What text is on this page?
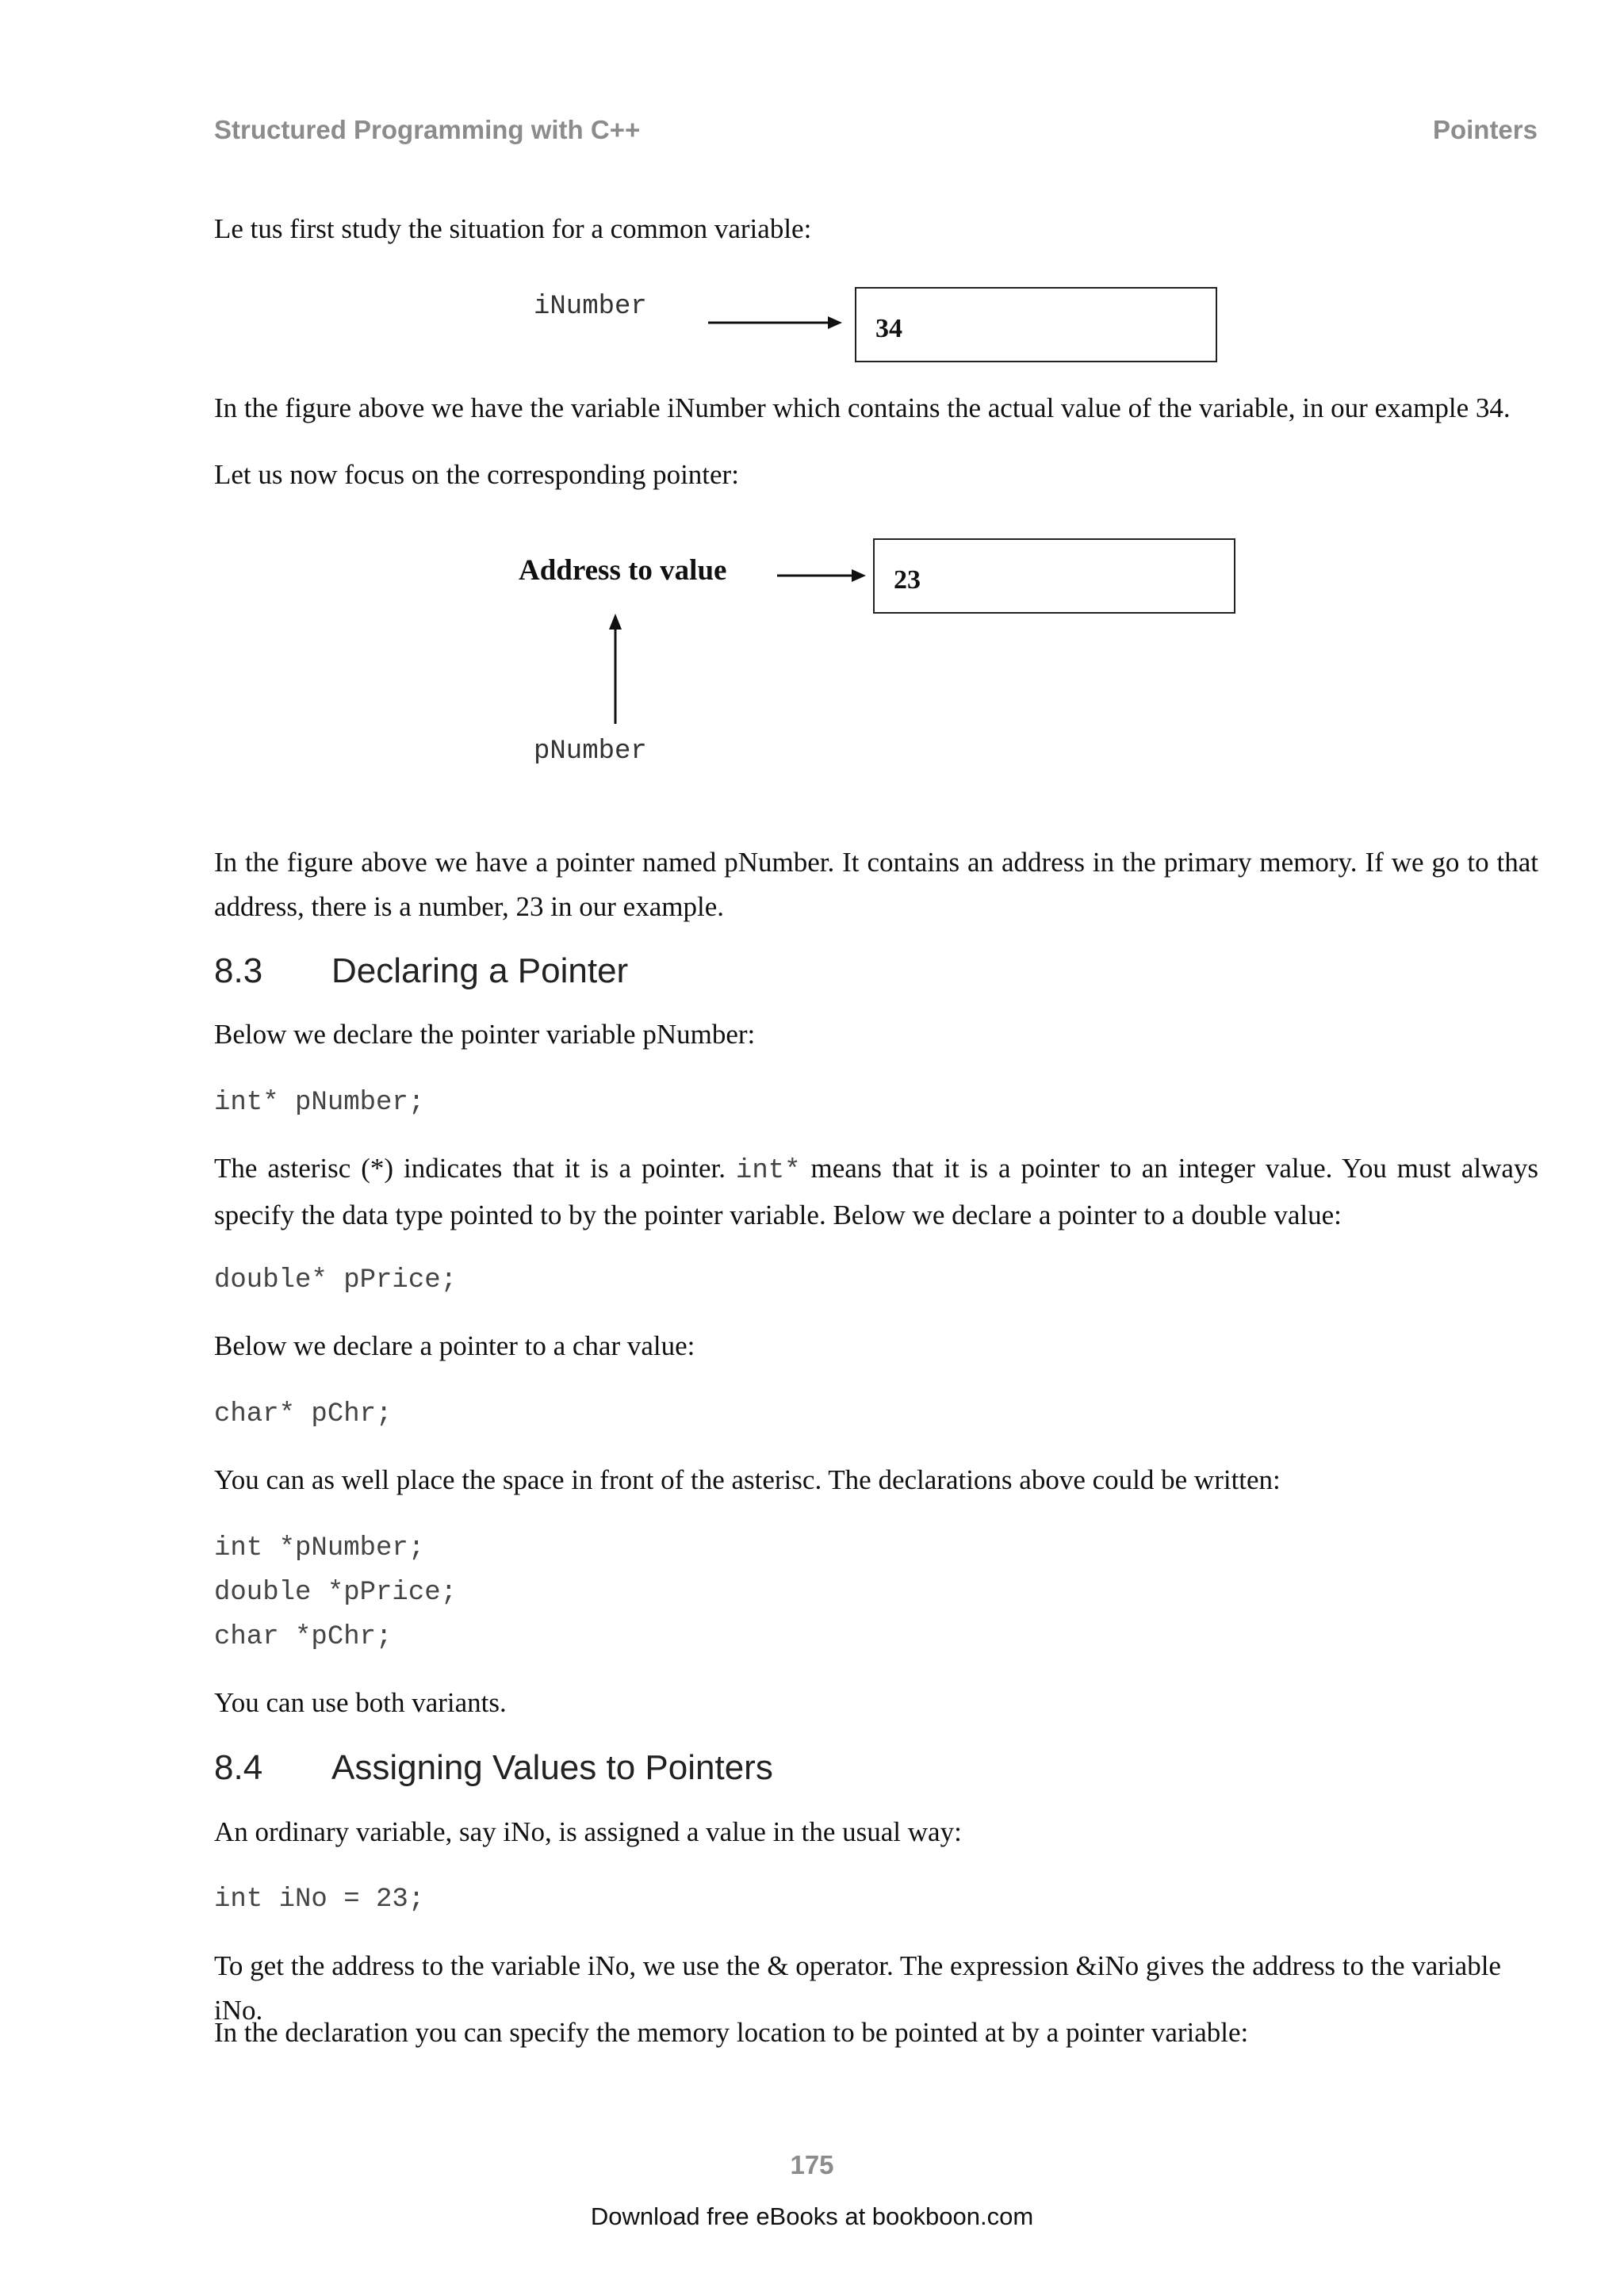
Structured Programming with C++	Pointers
Le tus first study the situation for a common variable:
iNumber
34
In the figure above we have the variable iNumber which contains the actual value of the variable, in our example 34.
Let us now focus on the corresponding pointer:
Address to value	23
pNumber
In the figure above we have a pointer named pNumber. It contains an address in the primary memory. If we go to that address, there is a number, 23 in our example.
8.3 Declaring a Pointer
Below we declare the pointer variable pNumber:
int* pNumber;
The asterisc (*) indicates that it is a pointer. int* means that it is a pointer to an integer value. You must always specify the data type pointed to by the pointer variable. Below we declare a pointer to a double value:
double* pPrice;
Below we declare a pointer to a char value:
char* pChr;
You can as well place the space in front of the asterisc. The declarations above could be written:
int *pNumber;
double *pPrice;
char *pChr;
You can use both variants.
8.4 Assigning Values to Pointers
An ordinary variable, say iNo, is assigned a value in the usual way:
int iNo = 23;
To get the address to the variable iNo, we use the & operator. The expression &iNo gives the address to the variable iNo.
In the declaration you can specify the memory location to be pointed at by a pointer variable:
175
Download free eBooks at bookboon.com
